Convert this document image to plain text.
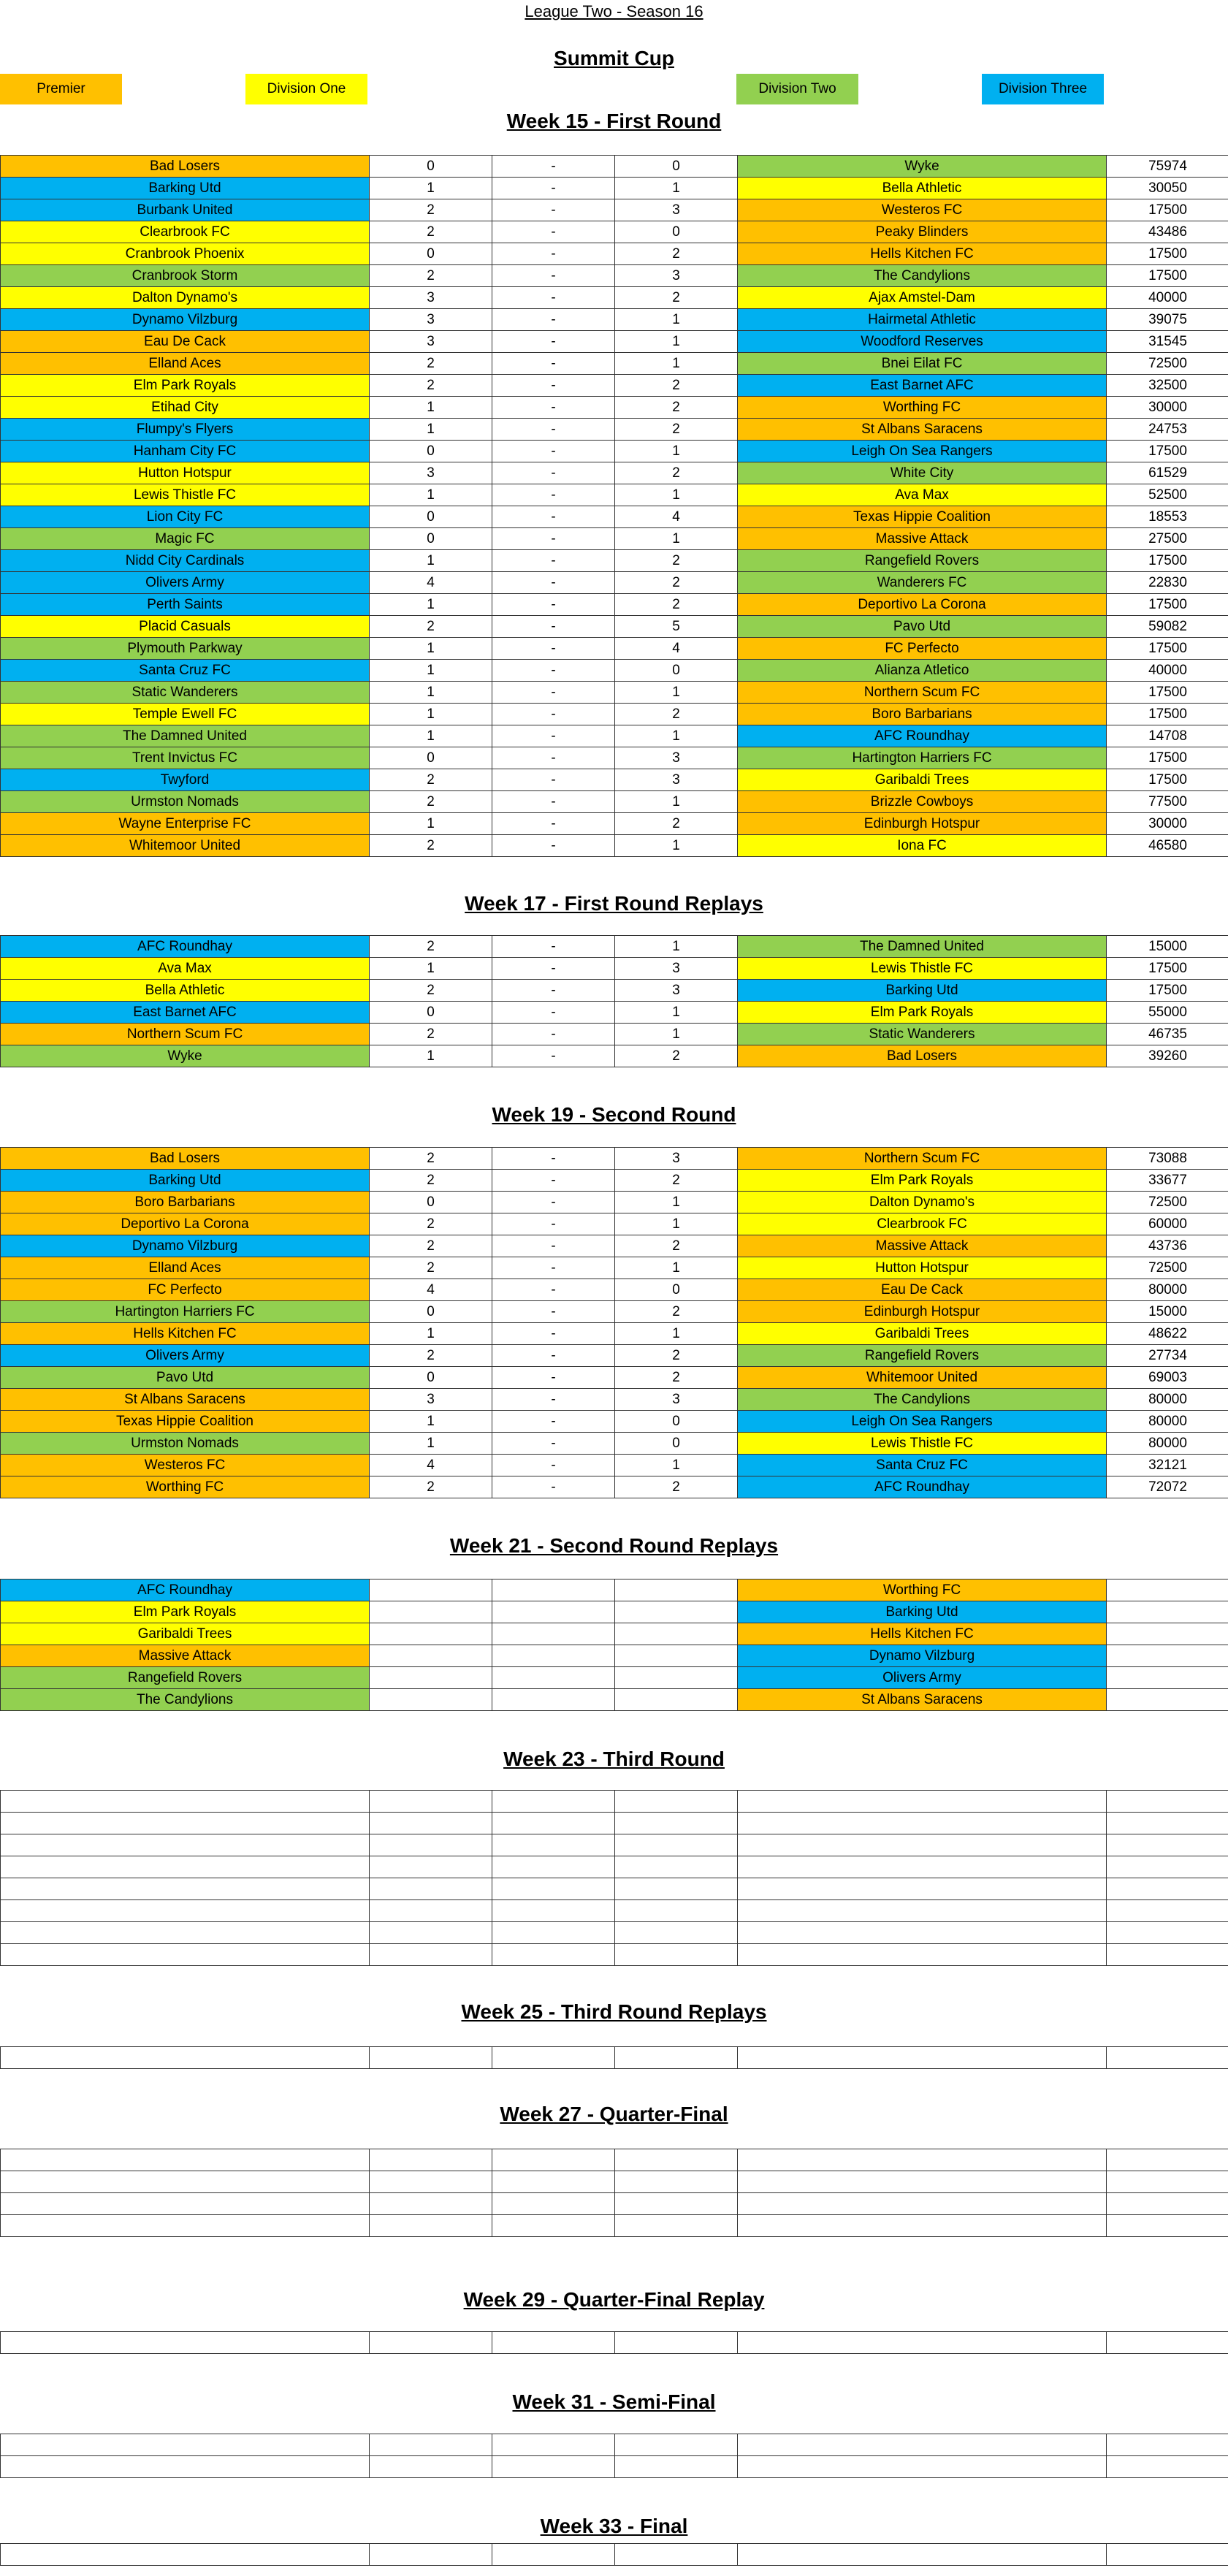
League Two - Season 16
Summit Cup
Premier	Division One	Division Two	Division Three
Week 15 - First Round
Bad Losers	0	-	0	Wyke	75974
Barking Utd	1	-	1	Bella Athletic	30050
Burbank United	2	-	3	Westeros FC	17500
Clearbrook FC	2	-	0	Peaky Blinders	43486
Cranbrook Phoenix	0	-	2	Hells Kitchen FC	17500
Cranbrook Storm	2	-	3	The Candylions	17500
Dalton Dynamo's	3	-	2	Ajax Amstel-Dam	40000
Dynamo Vilzburg	3	-	1	Hairmetal Athletic	39075
Eau De Cack	3	-	1	Woodford Reserves	31545
Elland Aces	2	-	1	Bnei Eilat FC	72500
Elm Park Royals	2	-	2	East Barnet AFC	32500
Etihad City	1	-	2	Worthing FC	30000
Flumpy's Flyers	1	-	2	St Albans Saracens	24753
Hanham City FC	0	-	1	Leigh On Sea Rangers	17500
Hutton Hotspur	3	-	2	White City	61529
Lewis Thistle FC	1	-	1	Ava Max	52500
Lion City FC	0	-	4	Texas Hippie Coalition	18553
Magic FC	0	-	1	Massive Attack	27500
Nidd City Cardinals	1	-	2	Rangefield Rovers	17500
Olivers Army	4	-	2	Wanderers FC	22830
Perth Saints	1	-	2	Deportivo La Corona	17500
Placid Casuals	2	-	5	Pavo Utd	59082
Plymouth Parkway	1	-	4	FC Perfecto	17500
Santa Cruz FC	1	-	0	Alianza Atletico	40000
Static Wanderers	1	-	1	Northern Scum FC	17500
Temple Ewell FC	1	-	2	Boro Barbarians	17500
The Damned United	1	-	1	AFC Roundhay	14708
Trent Invictus FC	0	-	3	Hartington Harriers FC	17500
Twyford	2	-	3	Garibaldi Trees	17500
Urmston Nomads	2	-	1	Brizzle Cowboys	77500
Wayne Enterprise FC	1	-	2	Edinburgh Hotspur	30000
Whitemoor United	2	-	1	Iona FC	46580
Week 17 - First Round Replays
AFC Roundhay	2	-	1	The Damned United	15000
Ava Max	1	-	3	Lewis Thistle FC	17500
Bella Athletic	2	-	3	Barking Utd	17500
East Barnet AFC	0	-	1	Elm Park Royals	55000
Northern Scum FC	2	-	1	Static Wanderers	46735
Wyke	1	-	2	Bad Losers	39260
Week 19 - Second Round
Bad Losers	2	-	3	Northern Scum FC	73088
Barking Utd	2	-	2	Elm Park Royals	33677
Boro Barbarians	0	-	1	Dalton Dynamo's	72500
Deportivo La Corona	2	-	1	Clearbrook FC	60000
Dynamo Vilzburg	2	-	2	Massive Attack	43736
Elland Aces	2	-	1	Hutton Hotspur	72500
FC Perfecto	4	-	0	Eau De Cack	80000
Hartington Harriers FC	0	-	2	Edinburgh Hotspur	15000
Hells Kitchen FC	1	-	1	Garibaldi Trees	48622
Olivers Army	2	-	2	Rangefield Rovers	27734
Pavo Utd	0	-	2	Whitemoor United	69003
St Albans Saracens	3	-	3	The Candylions	80000
Texas Hippie Coalition	1	-	0	Leigh On Sea Rangers	80000
Urmston Nomads	1	-	0	Lewis Thistle FC	80000
Westeros FC	4	-	1	Santa Cruz FC	32121
Worthing FC	2	-	2	AFC Roundhay	72072
Week 21 - Second Round Replays
AFC Roundhay				Worthing FC	
Elm Park Royals				Barking Utd	
Garibaldi Trees				Hells Kitchen FC	
Massive Attack				Dynamo Vilzburg	
Rangefield Rovers				Olivers Army	
The Candylions				St Albans Saracens	
Week 23 - Third Round

Week 25 - Third Round Replays

Week 27 - Quarter-Final

Week 29 - Quarter-Final Replay

Week 31 - Semi-Final

Week 33 - Final
